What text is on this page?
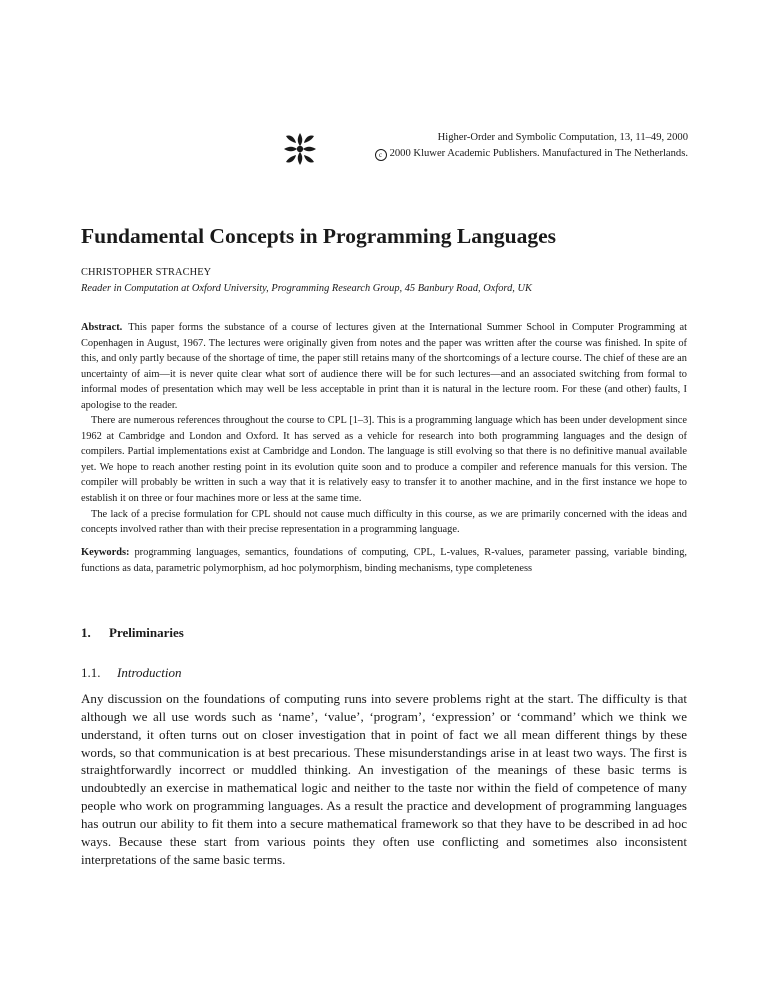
Higher-Order and Symbolic Computation, 13, 11–49, 2000
c 2000 Kluwer Academic Publishers. Manufactured in The Netherlands.
Fundamental Concepts in Programming Languages
CHRISTOPHER STRACHEY
Reader in Computation at Oxford University, Programming Research Group, 45 Banbury Road, Oxford, UK

Abstract. This paper forms the substance of a course of lectures given at the International Summer School in Computer Programming at Copenhagen in August, 1967. The lectures were originally given from notes and the paper was written after the course was finished. In spite of this, and only partly because of the shortage of time, the paper still retains many of the shortcomings of a lecture course. The chief of these are an uncertainty of aim—it is never quite clear what sort of audience there will be for such lectures—and an associated switching from formal to informal modes of presentation which may well be less acceptable in print than it is natural in the lecture room. For these (and other) faults, I apologise to the reader.

There are numerous references throughout the course to CPL [1–3]. This is a programming language which has been under development since 1962 at Cambridge and London and Oxford. It has served as a vehicle for research into both programming languages and the design of compilers. Partial implementations exist at Cambridge and London. The language is still evolving so that there is no definitive manual available yet. We hope to reach another resting point in its evolution quite soon and to produce a compiler and reference manuals for this version. The compiler will probably be written in such a way that it is relatively easy to transfer it to another machine, and in the first instance we hope to establish it on three or four machines more or less at the same time.

The lack of a precise formulation for CPL should not cause much difficulty in this course, as we are primarily concerned with the ideas and concepts involved rather than with their precise representation in a programming language.

Keywords: programming languages, semantics, foundations of computing, CPL, L-values, R-values, parameter passing, variable binding, functions as data, parametric polymorphism, ad hoc polymorphism, binding mechanisms, type completeness
1. Preliminaries
1.1. Introduction

Any discussion on the foundations of computing runs into severe problems right at the start. The difficulty is that although we all use words such as ‘name’, ‘value’, ‘program’, ‘expression’ or ‘command’ which we think we understand, it often turns out on closer investigation that in point of fact we all mean different things by these words, so that communication is at best precarious. These misunderstandings arise in at least two ways. The first is straightforwardly incorrect or muddled thinking. An investigation of the meanings of these basic terms is undoubtedly an exercise in mathematical logic and neither to the taste nor within the field of competence of many people who work on programming languages. As a result the practice and development of programming languages has outrun our ability to fit them into a secure mathematical framework so that they have to be described in ad hoc ways. Because these start from various points they often use conflicting and sometimes also inconsistent interpretations of the same basic terms.
